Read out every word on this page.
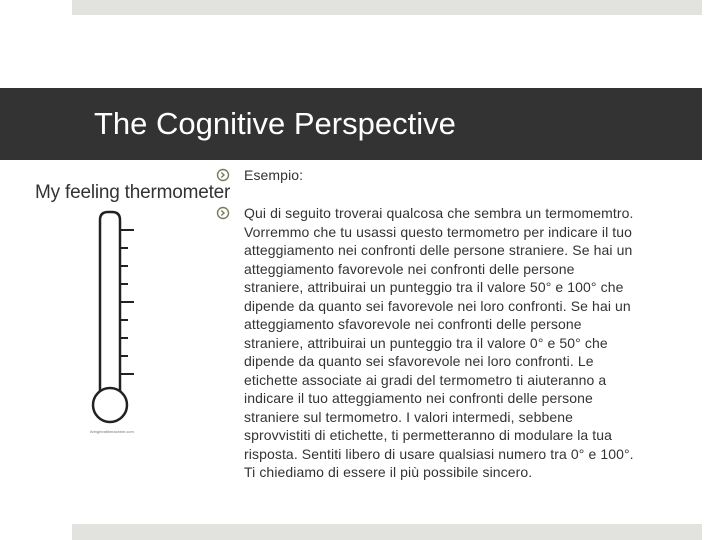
The Cognitive Perspective
My feeling thermometer
livinghealthmachine.com
Esempio:
Qui di seguito troverai qualcosa che sembra un termomemtro.
Vorremmo che tu usassi questo termometro per indicare il tuo
atteggiamento nei confronti delle persone straniere. Se hai un
atteggiamento favorevole nei confronti delle persone
straniere, attribuirai un punteggio tra il valore 50° e 100° che
dipende da quanto sei favorevole nei loro confronti. Se hai un
atteggiamento sfavorevole nei confronti delle persone
straniere, attribuirai un punteggio tra il valore 0° e 50° che
dipende da quanto sei sfavorevole nei loro confronti. Le
etichette associate ai gradi del termometro ti aiuteranno a
indicare il tuo atteggiamento nei confronti delle persone
straniere sul termometro. I valori intermedi, sebbene
sprovvistiti di etichette, ti permetteranno di modulare la tua
risposta. Sentiti libero di usare qualsiasi numero tra 0° e 100°.
Ti chiediamo di essere il più possibile sincero.
